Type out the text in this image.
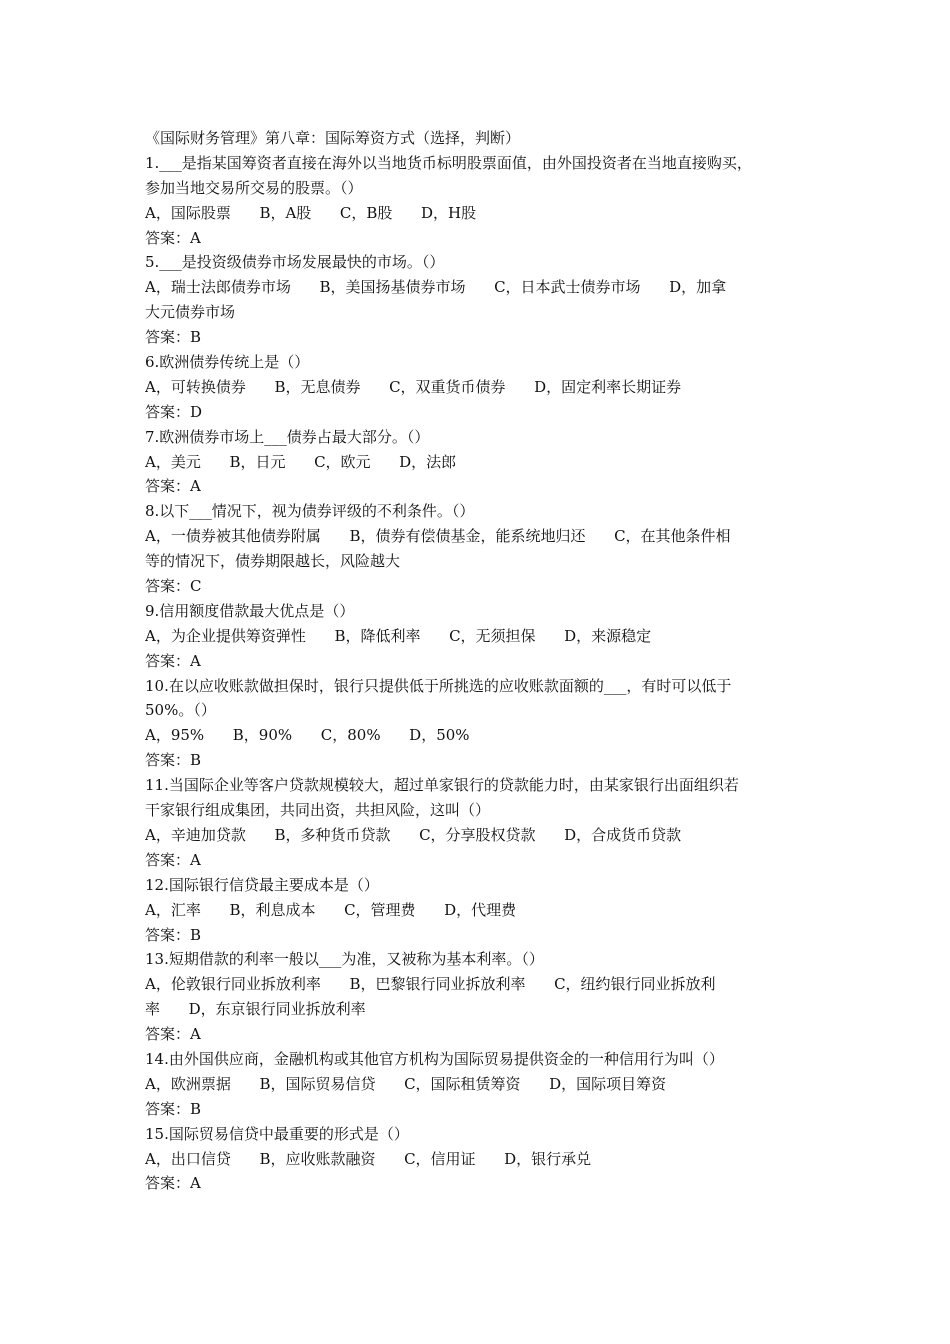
《国际财务管理》第八章：国际筹资方式（选择，判断）
1.___是指某国筹资者直接在海外以当地货币标明股票面值，由外国投资者在当地直接购买，
参加当地交易所交易的股票。（）
A，国际股票      B，A股      C，B股      D，H股
答案：A
5.___是投资级债券市场发展最快的市场。（）
A，瑞士法郎债券市场      B，美国扬基债券市场      C，日本武士债券市场      D，加拿
大元债券市场
答案：B
6.欧洲债券传统上是（）
A，可转换债券      B，无息债券      C，双重货币债券      D，固定利率长期证券
答案：D
7.欧洲债券市场上___债券占最大部分。（）
A，美元      B，日元      C，欧元      D，法郎
答案：A
8.以下___情况下，视为债券评级的不利条件。（）
A，一债券被其他债券附属      B，债券有偿债基金，能系统地归还      C，在其他条件相
等的情况下，债券期限越长，风险越大
答案：C
9.信用额度借款最大优点是（）
A，为企业提供筹资弹性      B，降低利率      C，无须担保      D，来源稳定
答案：A
10.在以应收账款做担保时，银行只提供低于所挑选的应收账款面额的___，有时可以低于
50%。（）
A，95%      B，90%      C，80%      D，50%
答案：B
11.当国际企业等客户贷款规模较大，超过单家银行的贷款能力时，由某家银行出面组织若
干家银行组成集团，共同出资，共担风险，这叫（）
A，辛迪加贷款      B，多种货币贷款      C，分享股权贷款      D，合成货币贷款
答案：A
12.国际银行信贷最主要成本是（）
A，汇率      B，利息成本      C，管理费      D，代理费
答案：B
13.短期借款的利率一般以___为准，又被称为基本利率。（）
A，伦敦银行同业拆放利率      B，巴黎银行同业拆放利率      C，纽约银行同业拆放利
率      D，东京银行同业拆放利率
答案：A
14.由外国供应商，金融机构或其他官方机构为国际贸易提供资金的一种信用行为叫（）
A，欧洲票据      B，国际贸易信贷      C，国际租赁筹资      D，国际项目筹资
答案：B
15.国际贸易信贷中最重要的形式是（）
A，出口信贷      B，应收账款融资      C，信用证      D，银行承兑
答案：A
